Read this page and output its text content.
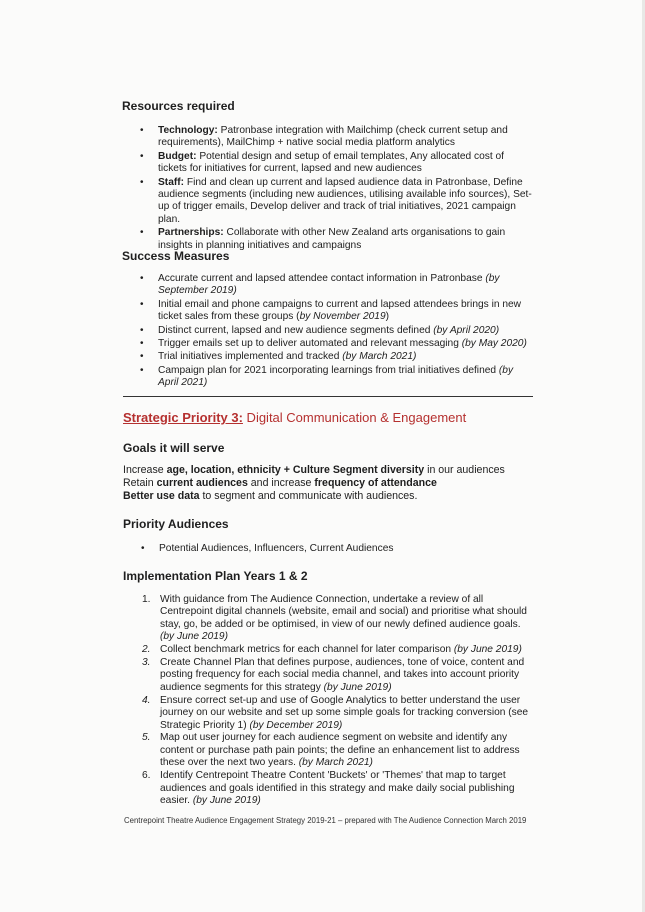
Resources required
• Technology: Patronbase integration with Mailchimp (check current setup and requirements), MailChimp + native social media platform analytics
• Budget: Potential design and setup of email templates, Any allocated cost of tickets for initiatives for current, lapsed and new audiences
• Staff: Find and clean up current and lapsed audience data in Patronbase, Define audience segments (including new audiences, utilising available info sources), Set-up of trigger emails, Develop deliver and track of trial initiatives, 2021 campaign plan.
• Partnerships: Collaborate with other New Zealand arts organisations to gain insights in planning initiatives and campaigns
Success Measures
• Accurate current and lapsed attendee contact information in Patronbase (by September 2019)
• Initial email and phone campaigns to current and lapsed attendees brings in new ticket sales from these groups (by November 2019)
• Distinct current, lapsed and new audience segments defined (by April 2020)
• Trigger emails set up to deliver automated and relevant messaging (by May 2020)
• Trial initiatives implemented and tracked (by March 2021)
• Campaign plan for 2021 incorporating learnings from trial initiatives defined (by April 2021)
Strategic Priority 3: Digital Communication & Engagement
Goals it will serve
Increase age, location, ethnicity + Culture Segment diversity in our audiences
Retain current audiences and increase frequency of attendance
Better use data to segment and communicate with audiences.
Priority Audiences
• Potential Audiences, Influencers, Current Audiences
Implementation Plan Years 1 & 2
1. With guidance from The Audience Connection, undertake a review of all Centrepoint digital channels (website, email and social) and prioritise what should stay, go, be added or be optimised, in view of our newly defined audience goals. (by June 2019)
2. Collect benchmark metrics for each channel for later comparison (by June 2019)
3. Create Channel Plan that defines purpose, audiences, tone of voice, content and posting frequency for each social media channel, and takes into account priority audience segments for this strategy (by June 2019)
4. Ensure correct set-up and use of Google Analytics to better understand the user journey on our website and set up some simple goals for tracking conversion (see Strategic Priority 1) (by December 2019)
5. Map out user journey for each audience segment on website and identify any content or purchase path pain points; the define an enhancement list to address these over the next two years. (by March 2021)
6. Identify Centrepoint Theatre Content 'Buckets' or 'Themes' that map to target audiences and goals identified in this strategy and make daily social publishing easier. (by June 2019)
Centrepoint Theatre Audience Engagement Strategy 2019-21 – prepared with The Audience Connection March 2019
